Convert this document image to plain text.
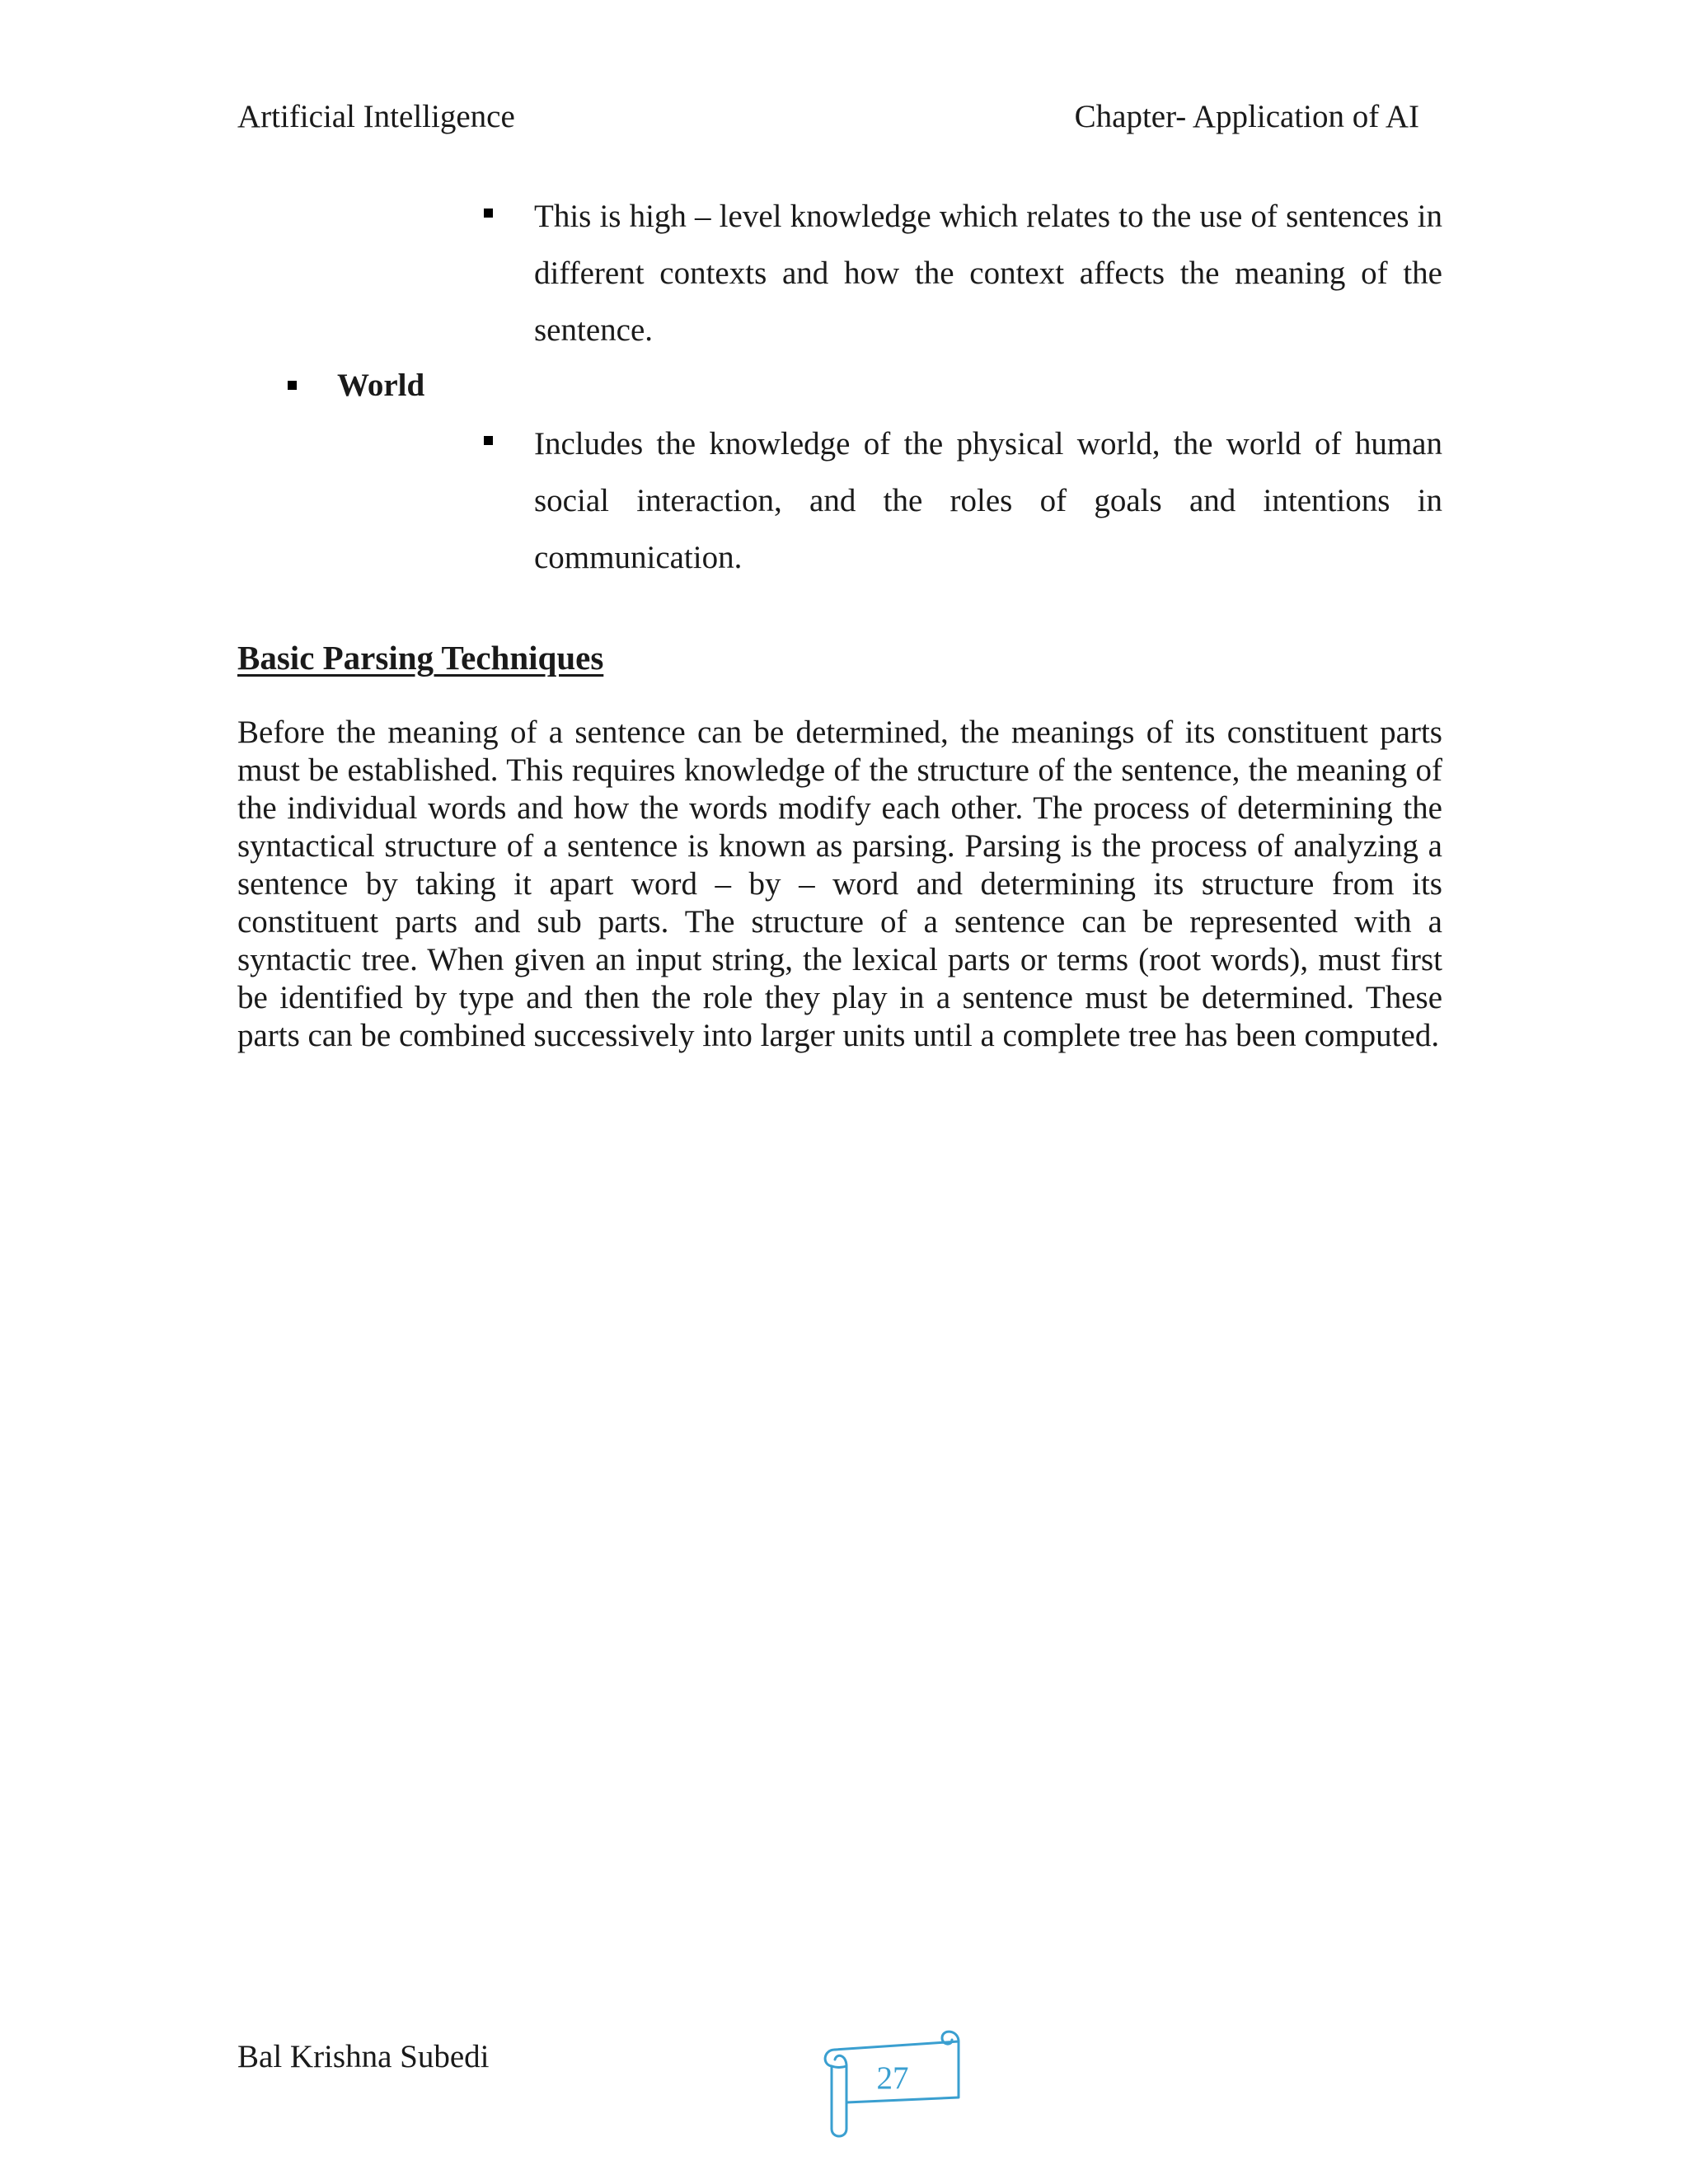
Artificial Intelligence	Chapter- Application of AI
This is high – level knowledge which relates to the use of sentences in different contexts and how the context affects the meaning of the sentence.
World
Includes the knowledge of the physical world, the world of human social interaction, and the roles of goals and intentions in communication.
Basic Parsing Techniques

Before the meaning of a sentence can be determined, the meanings of its constituent parts must be established. This requires knowledge of the structure of the sentence, the meaning of the individual words and how the words modify each other. The process of determining the syntactical structure of a sentence is known as parsing. Parsing is the process of analyzing a sentence by taking it apart word – by – word and determining its structure from its constituent parts and sub parts. The structure of a sentence can be represented with a syntactic tree. When given an input string, the lexical parts or terms (root words), must first be identified by type and then the role they play in a sentence must be determined. These parts can be combined successively into larger units until a complete tree has been computed.

Bal Krishna Subedi
27
